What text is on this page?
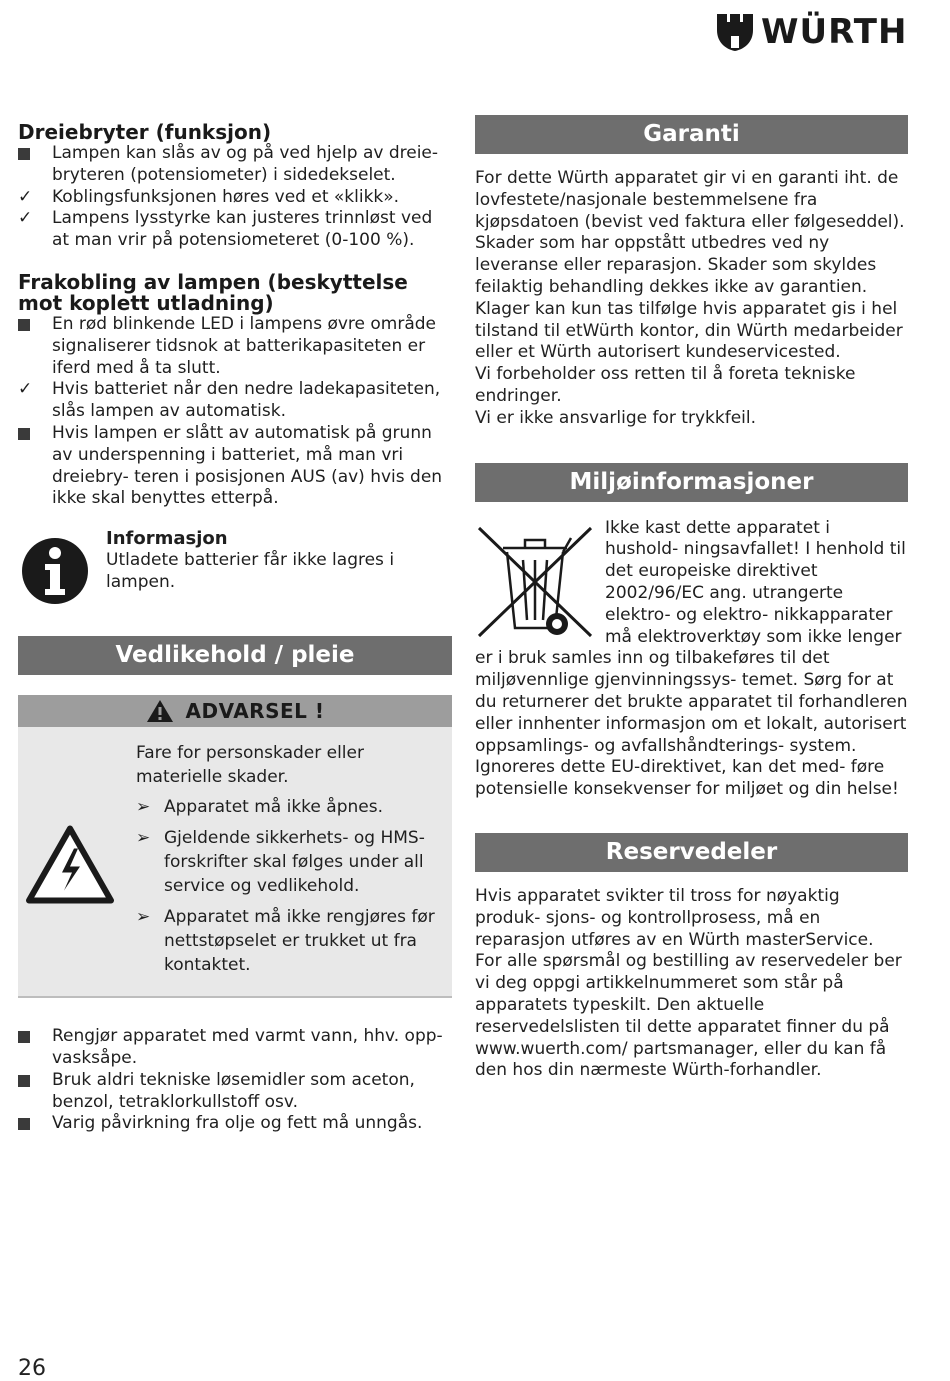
WÜRTH
Dreiebryter (funksjon)
Lampen kan slås av og på ved hjelp av dreie- bryteren (potensiometer) i sidedekselet.
✓	Koblingsfunksjonen høres ved et «klikk».
✓	Lampens lysstyrke kan justeres trinnløst ved at man vrir på potensiometeret (0-100 %).
Frakobling av lampen (beskyttelse mot koplett utladning)
En rød blinkende LED i lampens øvre område signaliserer tidsnok at batterikapasiteten er iferd med å ta slutt.
✓	Hvis batteriet når den nedre ladekapasiteten, slås lampen av automatisk.
Hvis lampen er slått av automatisk på grunn av underspenning i batteriet, må man vri dreiebry- teren i posisjonen AUS (av) hvis den ikke skal benyttes etterpå.
Informasjon
Utladete batterier får ikke lagres i lampen.
Vedlikehold / pleie
ADVARSEL !
Fare for personskader eller materielle skader.
➢ Apparatet må ikke åpnes.
➢ Gjeldende sikkerhets- og HMS- forskrifter skal følges under all service og vedlikehold.
➢ Apparatet må ikke rengjøres før nettstøpselet er trukket ut fra kontaktet.
Rengjør apparatet med varmt vann, hhv. opp- vasksåpe.
Bruk aldri tekniske løsemidler som aceton, benzol, tetraklorkullstoff osv.
Varig påvirkning fra olje og fett må unngås.
Garanti

For dette Würth apparatet gir vi en garanti iht. de lovfestete/nasjonale bestemmelsene fra kjøpsdatoen (bevist ved faktura eller følgeseddel).

Skader som har oppstått utbedres ved ny leveranse eller reparasjon. Skader som skyldes feilaktig behandling dekkes ikke av garantien. Klager kan kun tas tilfølge hvis apparatet gis i hel tilstand til etWürth kontor, din Würth medarbeider eller et Würth autorisert kundeservicested.

Vi forbeholder oss retten til å foreta tekniske endringer.

Vi er ikke ansvarlige for trykkfeil.

Miljøinformasjoner
Ikke kast dette apparatet i hushold- ningsavfallet! I henhold til det europeiske direktivet 2002/96/EC ang. utrangerte elektro- og elektro- nikkapparater må elektroverktøy som ikke lenger er i bruk samles inn og tilbakeføres til det miljøvennlige gjenvinningssys- temet. Sørg for at du returnerer det brukte apparatet til forhandleren eller innhenter informasjon om et lokalt, autorisert oppsamlings- og avfallshåndterings- system. Ignoreres dette EU-direktivet, kan det med- føre potensielle konsekvenser for miljøet og din helse!
Reservedeler

Hvis apparatet svikter til tross for nøyaktig produk- sjons- og kontrollprosess, må en reparasjon utføres av en Würth masterService.

For alle spørsmål og bestilling av reservedeler ber vi deg oppgi artikkelnummeret som står på apparatets typeskilt. Den aktuelle reservedelslisten til dette apparatet finner du på www.wuerth.com/ partsmanager, eller du kan få den hos din nærmeste Würth-forhandler.

26
